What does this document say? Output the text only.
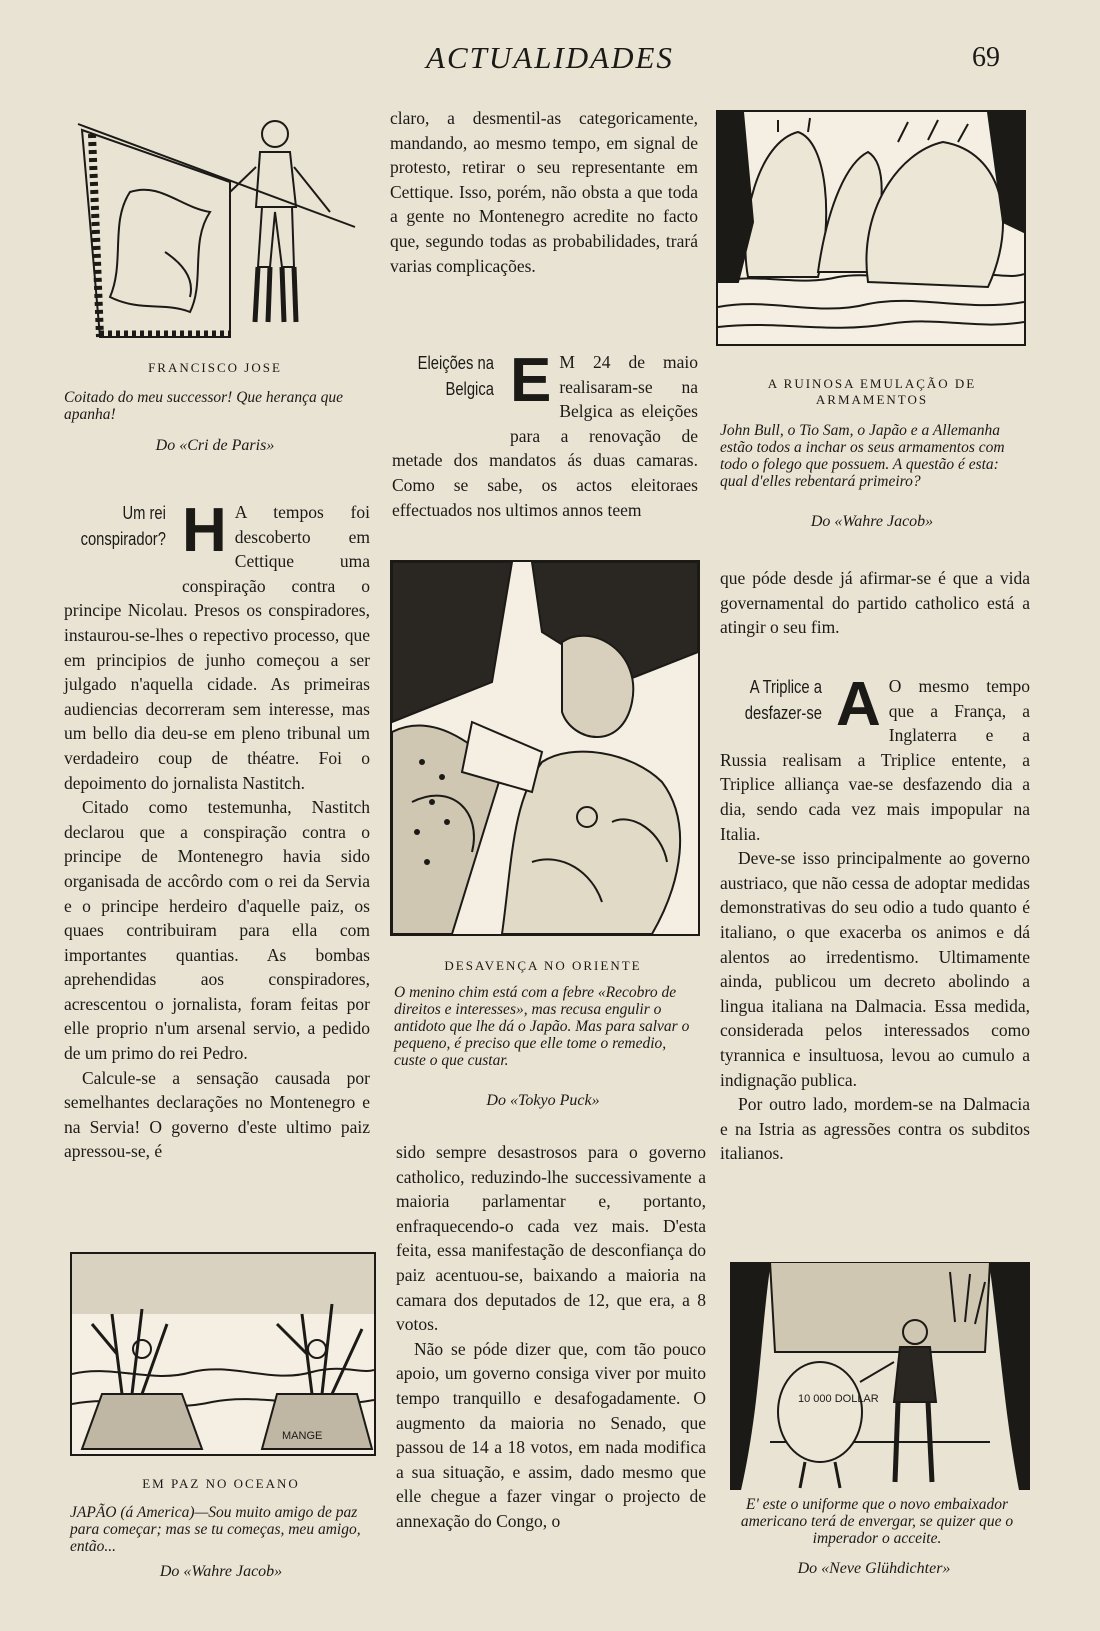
ACTUALIDADES	69
FRANCISCO JOSE
Coitado do meu successor! Que herança que apanha!
Do «Cri de Paris»
Um rei conspirador? H A tempos foi descoberto em Cettique uma conspiração contra o principe Nicolau. Presos os conspiradores, instaurou-se-lhes o repectivo processo, que em principios de junho começou a ser julgado n'aquella cidade. As primeiras audiencias decorreram sem interesse, mas um bello dia deu-se em pleno tribunal um verdadeiro coup de théatre. Foi o depoimento do jornalista Nastitch.

Citado como testemunha, Nastitch declarou que a conspiração contra o principe de Montenegro havia sido organisada de accôrdo com o rei da Servia e o principe herdeiro d'aquelle paiz, os quaes contribuiram para ella com importantes quantias. As bombas aprehendidas aos conspiradores, acrescentou o jornalista, foram feitas por elle proprio n'um arsenal servio, a pedido de um primo do rei Pedro.

Calcule-se a sensação causada por semelhantes declarações no Montenegro e na Servia! O governo d'este ultimo paiz apressou-se, é

MANGE
EM PAZ NO OCEANO
JAPÃO (á America)—Sou muito amigo de paz para começar; mas se tu começas, meu amigo, então...
Do «Wahre Jacob»
claro, a desmentil-as categoricamente, mandando, ao mesmo tempo, em signal de protesto, retirar o seu representante em Cettique. Isso, porém, não obsta a que toda a gente no Montenegro acredite no facto que, segundo todas as probabilidades, trará varias complicações.
Eleições na Belgica E M 24 de maio realisaram-se na Belgica as eleições para a renovação de metade dos mandatos ás duas camaras. Como se sabe, os actos eleitoraes effectuados nos ultimos annos teem

DESAVENÇA NO ORIENTE
O menino chim está com a febre «Recobro de direitos e interesses», mas recusa engulir o antidoto que lhe dá o Japão. Mas para salvar o pequeno, é preciso que elle tome o remedio, custe o que custar.
Do «Tokyo Puck»

sido sempre desastrosos para o governo catholico, reduzindo-lhe successivamente a maioria parlamentar e, portanto, enfraquecendo-o cada vez mais. D'esta feita, essa manifestação de desconfiança do paiz acentuou-se, baixando a maioria na camara dos deputados de 12, que era, a 8 votos.

Não se póde dizer que, com tão pouco apoio, um governo consiga viver por muito tempo tranquillo e desafogadamente. O augmento da maioria no Senado, que passou de 14 a 18 votos, em nada modifica a sua situação, e assim, dado mesmo que elle chegue a fazer vingar o projecto de annexação do Congo, o

A RUINOSA EMULAÇÃO DE ARMAMENTOS
John Bull, o Tio Sam, o Japão e a Allemanha estão todos a inchar os seus armamentos com todo o folego que possuem. A questão é esta: qual d'elles rebentará primeiro?
Do «Wahre Jacob»
que póde desde já afirmar-se é que a vida governamental do partido catholico está a atingir o seu fim.
A Triplice a desfazer-se A O mesmo tempo que a França, a Inglaterra e a Russia realisam a Triplice entente, a Triplice alliança vae-se desfazendo dia a dia, sendo cada vez mais impopular na Italia.

Deve-se isso principalmente ao governo austriaco, que não cessa de adoptar medidas demonstrativas do seu odio a tudo quanto é italiano, o que exacerba os animos e dá alentos ao irredentismo. Ultimamente ainda, publicou um decreto abolindo a lingua italiana na Dalmacia. Essa medida, considerada pelos interessados como tyrannica e insultuosa, levou ao cumulo a indignação publica.

Por outro lado, mordem-se na Dalmacia e na Istria as agressões contra os subditos italianos.

10 000 DOLLAR
E' este o uniforme que o novo embaixador americano terá de envergar, se quizer que o imperador o acceite.
Do «Neve Glühdichter»
